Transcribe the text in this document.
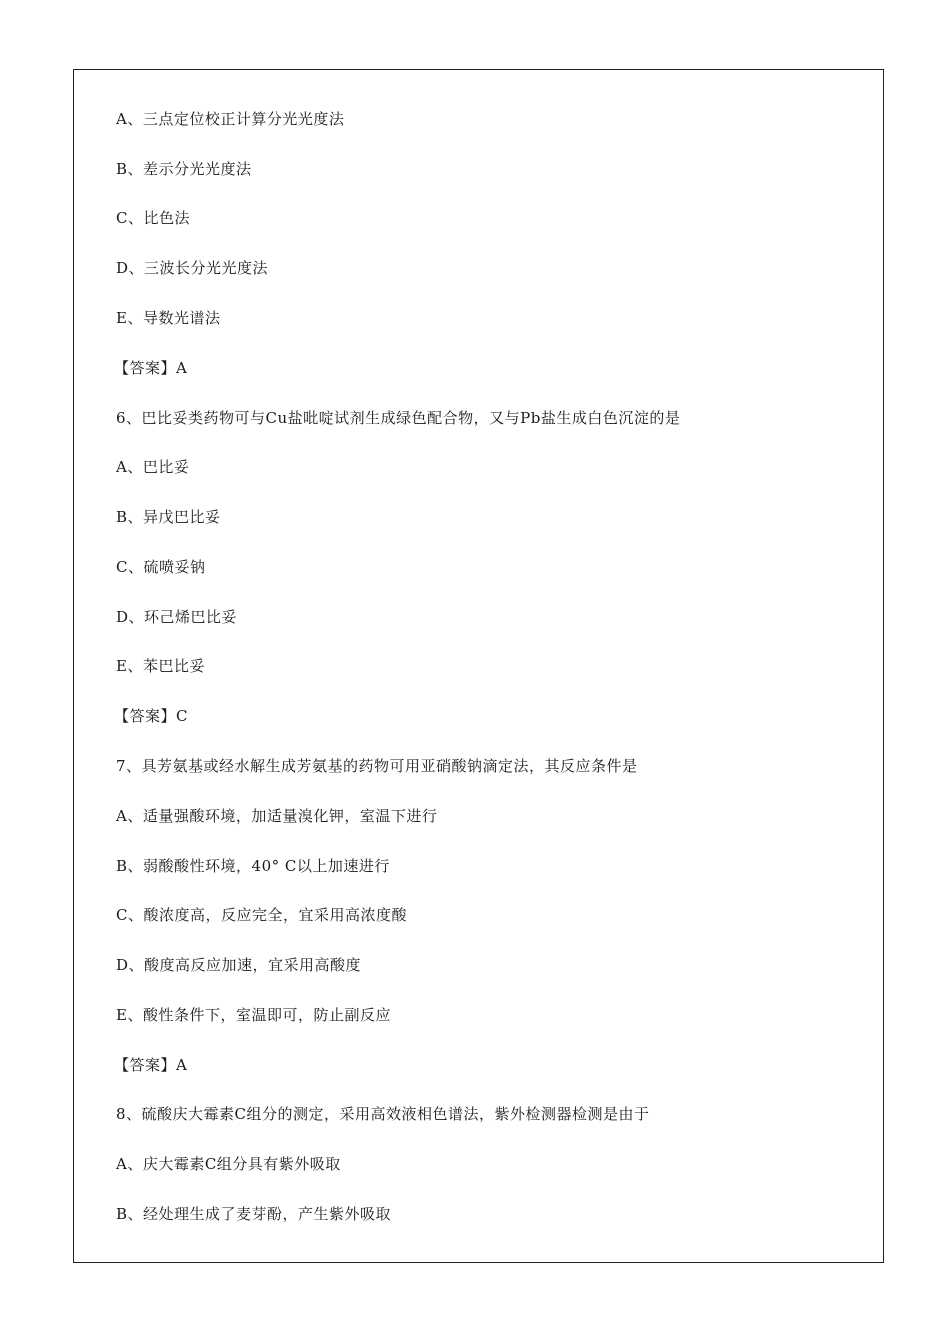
A、三点定位校正计算分光光度法
B、差示分光光度法
C、比色法
D、三波长分光光度法
E、导数光谱法
【答案】A
6、巴比妥类药物可与Cu盐吡啶试剂生成绿色配合物，又与Pb盐生成白色沉淀的是
A、巴比妥
B、异戊巴比妥
C、硫喷妥钠
D、环己烯巴比妥
E、苯巴比妥
【答案】C
7、具芳氨基或经水解生成芳氨基的药物可用亚硝酸钠滴定法，其反应条件是
A、适量强酸环境，加适量溴化钾，室温下进行
B、弱酸酸性环境，40° C以上加速进行
C、酸浓度高，反应完全，宜采用高浓度酸
D、酸度高反应加速，宜采用高酸度
E、酸性条件下，室温即可，防止副反应
【答案】A
8、硫酸庆大霉素C组分的测定，采用高效液相色谱法，紫外检测器检测是由于
A、庆大霉素C组分具有紫外吸取
B、经处理生成了麦芽酚，产生紫外吸取
